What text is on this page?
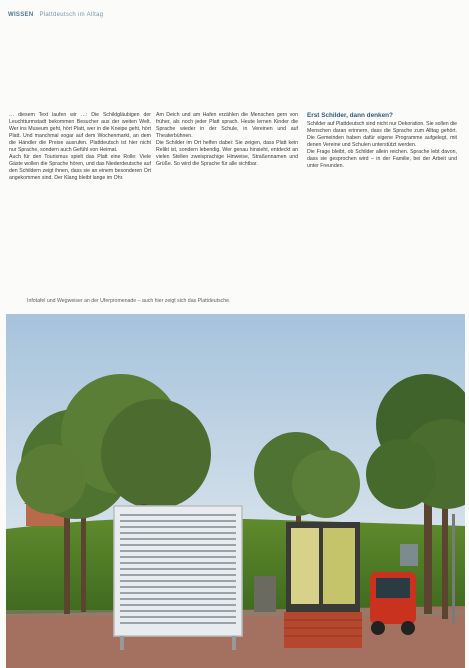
WISSEN Plattdeutsch im Alltag

… diesem Text laufen wir …: Die Schildgläubigen der Leuchtturmstadt bekommen Besucher aus der weiten Welt. Wer ins Museum geht, hört Platt, wer in die Kneipe geht, hört Platt. Und manchmal sogar auf dem Wochenmarkt, an dem die Händler die Preise ausrufen. Plattdeutsch ist hier nicht nur Sprache, sondern auch Gefühl von Heimat.

Auch für den Tourismus spielt das Platt eine Rolle: Viele Gäste wollen die Sprache hören, und das Niederdeutsche auf den Schildern zeigt ihnen, dass sie an einem besonderen Ort angekommen sind. Der Klang bleibt lange im Ohr.

Am Deich und am Hafen erzählen die Menschen gern von früher, als noch jeder Platt sprach. Heute lernen Kinder die Sprache wieder in der Schule, in Vereinen und auf Theaterbühnen.

Die Schilder im Ort helfen dabei: Sie zeigen, dass Platt kein Relikt ist, sondern lebendig. Wer genau hinsieht, entdeckt an vielen Stellen zweisprachige Hinweise, Straßennamen und Grüße. So wird die Sprache für alle sichtbar.

Erst Schilder, dann denken?

Schilder auf Plattdeutsch sind nicht nur Dekoration. Sie sollen die Menschen daran erinnern, dass die Sprache zum Alltag gehört. Die Gemeinden haben dafür eigene Programme aufgelegt, mit denen Vereine und Schulen unterstützt werden.

Die Frage bleibt, ob Schilder allein reichen. Sprache lebt davon, dass sie gesprochen wird – in der Familie, bei der Arbeit und unter Freunden.

Infotafel und Wegweiser an der Uferpromenade – auch hier zeigt sich das Plattdeutsche.
